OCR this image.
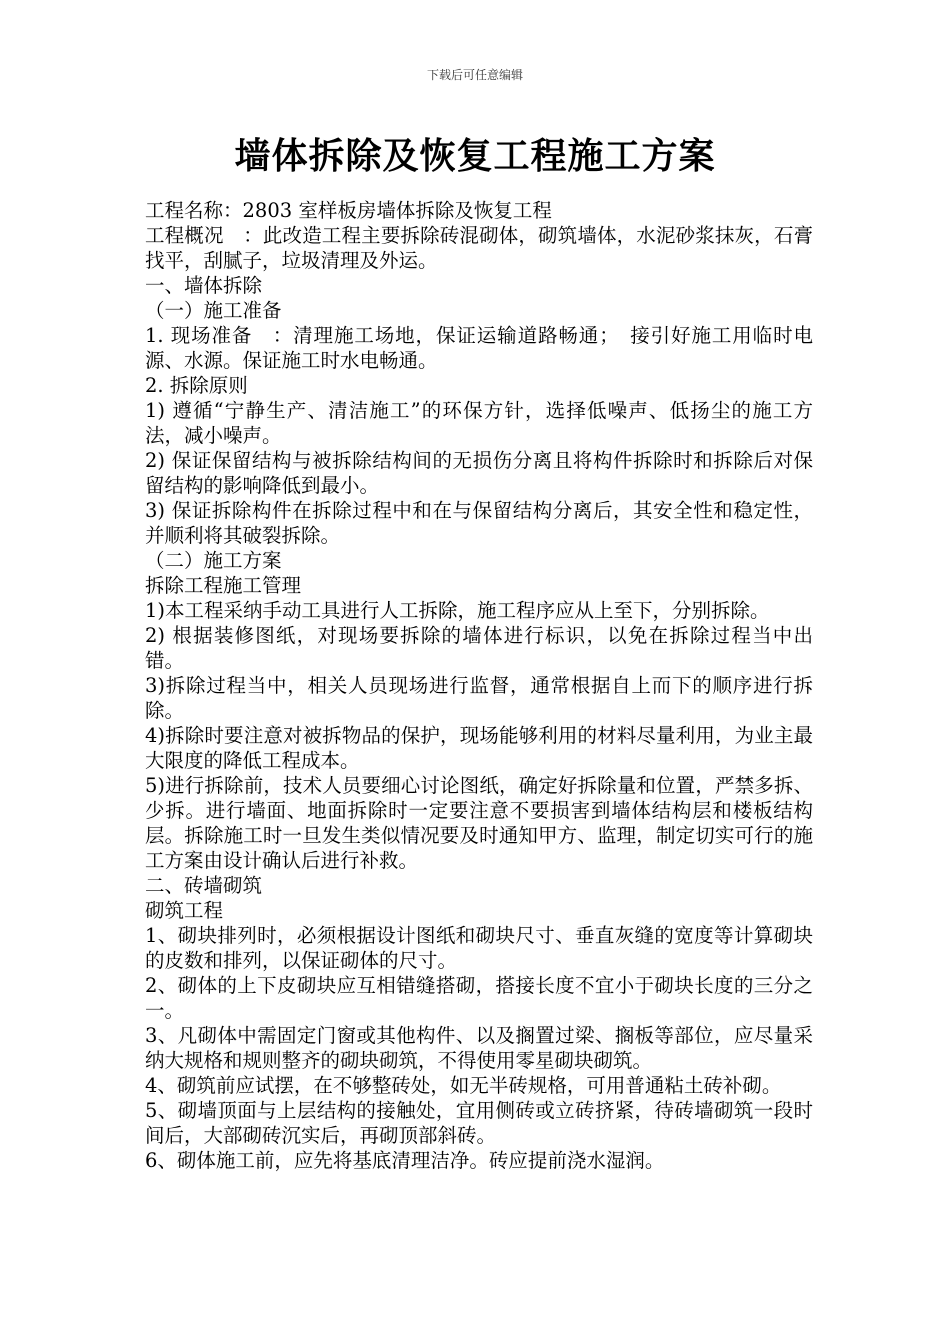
下载后可任意编辑
墙体拆除及恢复工程施工方案

工程名称：2803 室样板房墙体拆除及恢复工程

工程概况　：此改造工程主要拆除砖混砌体，砌筑墙体，水泥砂浆抹灰，石膏找平，刮腻子，垃圾清理及外运。

一、墙体拆除

（一）施工准备

1. 现场准备　：清理施工场地，保证运输道路畅通；　接引好施工用临时电源、水源。保证施工时水电畅通。

2. 拆除原则

1) 遵循“宁静生产、清洁施工”的环保方针，选择低噪声、低扬尘的施工方法，减小噪声。

2) 保证保留结构与被拆除结构间的无损伤分离且将构件拆除时和拆除后对保留结构的影响降低到最小。

3) 保证拆除构件在拆除过程中和在与保留结构分离后，其安全性和稳定性，并顺利将其破裂拆除。

（二）施工方案

拆除工程施工管理

1)本工程采纳手动工具进行人工拆除，施工程序应从上至下，分别拆除。

2) 根据装修图纸，对现场要拆除的墙体进行标识，以免在拆除过程当中出错。

3)拆除过程当中，相关人员现场进行监督，通常根据自上而下的顺序进行拆除。

4)拆除时要注意对被拆物品的保护，现场能够利用的材料尽量利用，为业主最大限度的降低工程成本。

5)进行拆除前，技术人员要细心讨论图纸，确定好拆除量和位置，严禁多拆、少拆。进行墙面、地面拆除时一定要注意不要损害到墙体结构层和楼板结构层。拆除施工时一旦发生类似情况要及时通知甲方、监理，制定切实可行的施工方案由设计确认后进行补救。

二、砖墙砌筑

砌筑工程

1、砌块排列时，必须根据设计图纸和砌块尺寸、垂直灰缝的宽度等计算砌块的皮数和排列，以保证砌体的尺寸。

2、砌体的上下皮砌块应互相错缝搭砌，搭接长度不宜小于砌块长度的三分之一。

3、凡砌体中需固定门窗或其他构件、以及搁置过梁、搁板等部位，应尽量采纳大规格和规则整齐的砌块砌筑，不得使用零星砌块砌筑。

4、砌筑前应试摆，在不够整砖处，如无半砖规格，可用普通粘土砖补砌。

5、砌墙顶面与上层结构的接触处，宜用侧砖或立砖挤紧，待砖墙砌筑一段时间后，大部砌砖沉实后，再砌顶部斜砖。

6、砌体施工前，应先将基底清理洁净。砖应提前浇水湿润。
